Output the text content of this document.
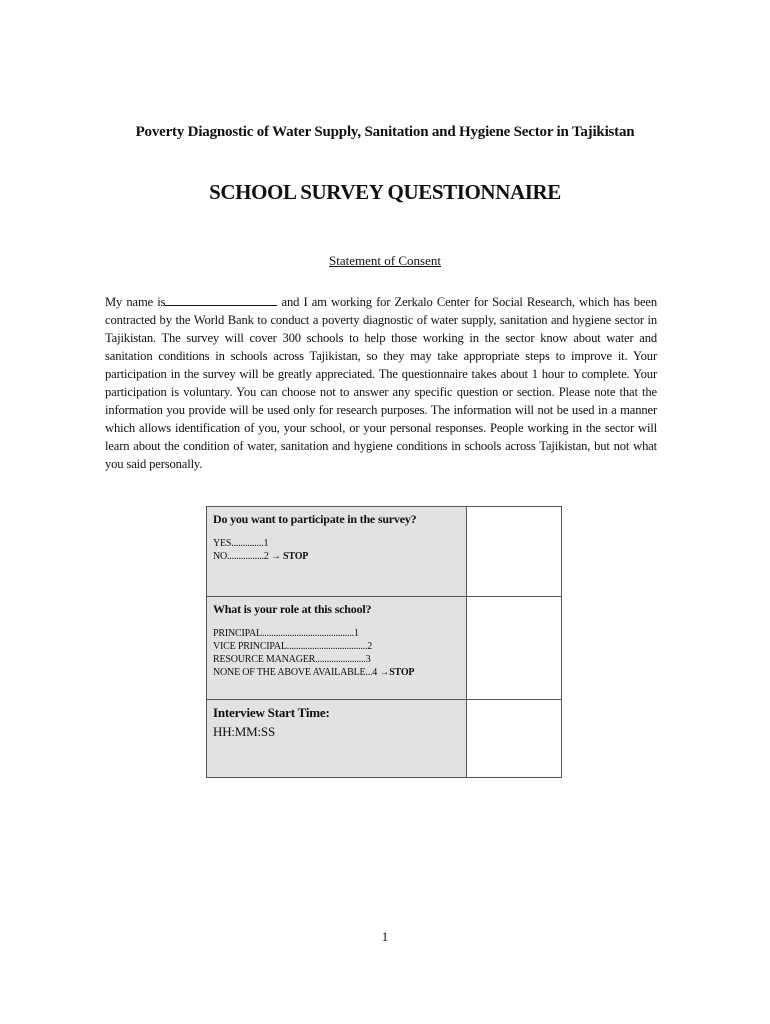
Poverty Diagnostic of Water Supply, Sanitation and Hygiene Sector in Tajikistan
SCHOOL SURVEY QUESTIONNAIRE
Statement of Consent
My name is	and I am working for Zerkalo Center for Social Research, which has been contracted by the World Bank to conduct a poverty diagnostic of water supply, sanitation and hygiene sector in Tajikistan. The survey will cover 300 schools to help those working in the sector know about water and sanitation conditions in schools across Tajikistan, so they may take appropriate steps to improve it. Your participation in the survey will be greatly appreciated. The questionnaire takes about 1 hour to complete. Your participation is voluntary. You can choose not to answer any specific question or section. Please note that the information you provide will be used only for research purposes. The information will not be used in a manner which allows identification of you, your school, or your personal responses. People working in the sector will learn about the condition of water, sanitation and hygiene conditions in schools across Tajikistan, but not what you said personally.
Do you want to participate in the survey?
YES..............1
NO................2 → STOP
What is your role at this school?
PRINCIPAL........................................1
VICE PRINCIPAL...................................2
RESOURCE MANAGER......................3
NONE OF THE ABOVE AVAILABLE...4 →STOP
Interview Start Time:
HH:MM:SS
1
